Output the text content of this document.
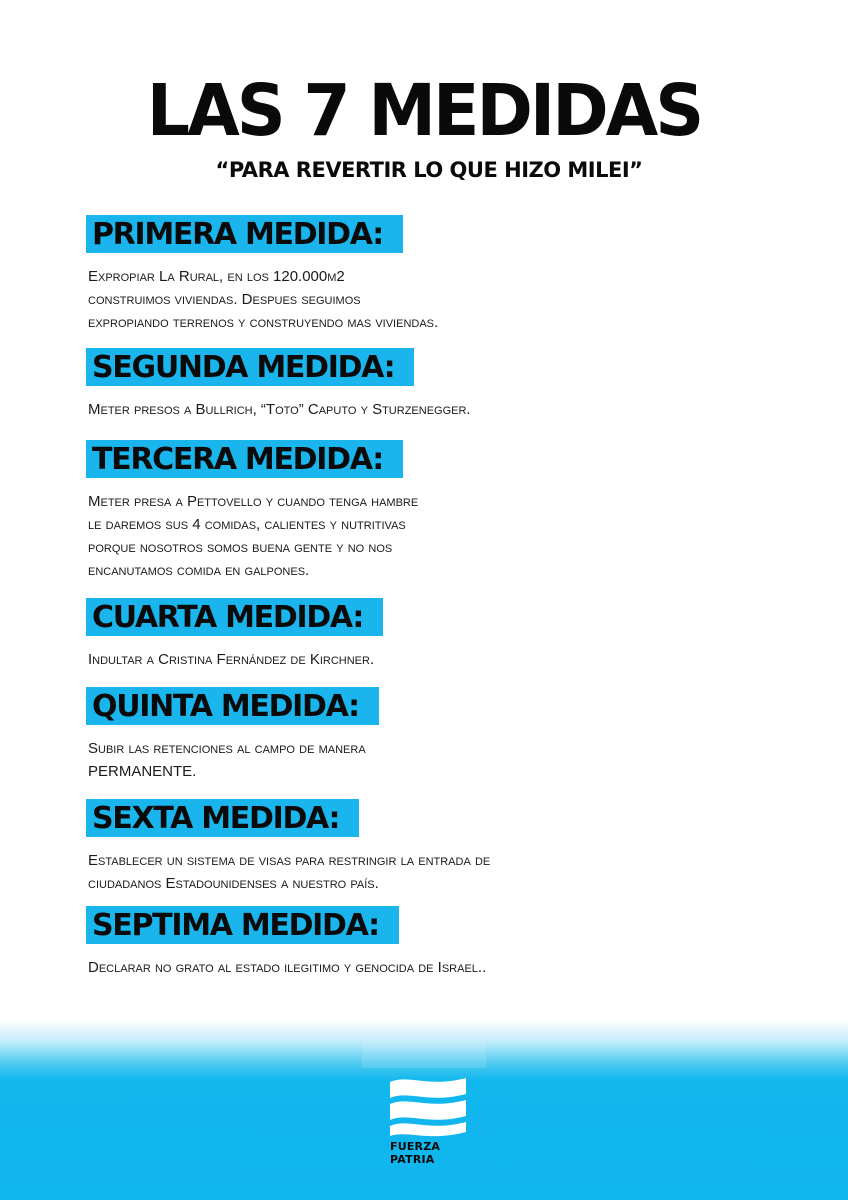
LAS 7 MEDIDAS
“PARA REVERTIR LO QUE HIZO MILEI”
PRIMERA MEDIDA:
Expropiar La Rural, en los 120.000m2
construimos viviendas. Despues seguimos
expropiando terrenos y construyendo mas viviendas.
SEGUNDA MEDIDA:
Meter presos a Bullrich, “Toto” Caputo y Sturzenegger.
TERCERA MEDIDA:
Meter presa a Pettovello y cuando tenga hambre
le daremos sus 4 comidas, calientes y nutritivas
porque nosotros somos buena gente y no nos
encanutamos comida en galpones.
CUARTA MEDIDA:
Indultar a Cristina Fernández de Kirchner.
QUINTA MEDIDA:
Subir las retenciones al campo de manera
PERMANENTE.
SEXTA MEDIDA:
Establecer un sistema de visas para restringir la entrada de
ciudadanos Estadounidenses a nuestro país.
SEPTIMA MEDIDA:
Declarar no grato al estado ilegitimo y genocida de Israel..
FUERZA
PATRIA
